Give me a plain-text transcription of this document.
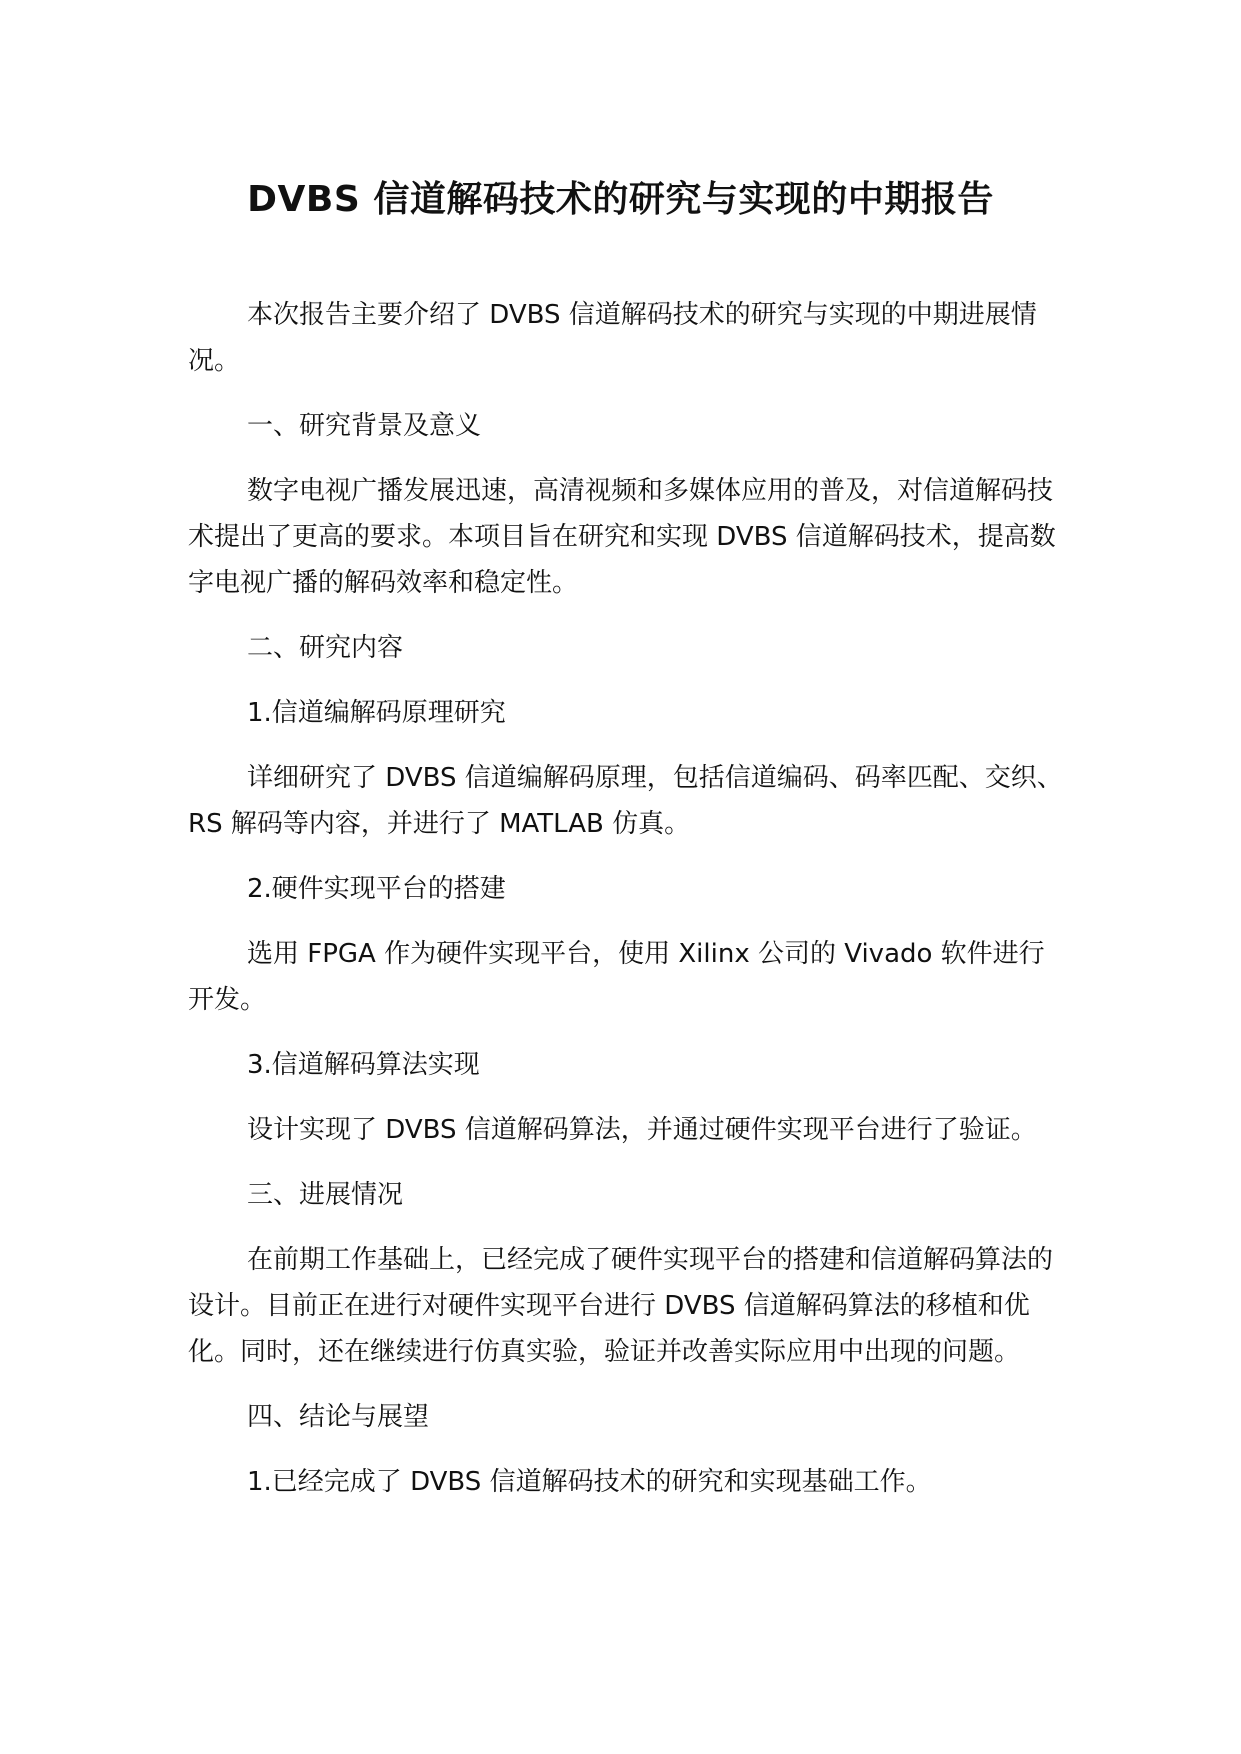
DVBS 信道解码技术的研究与实现的中期报告

本次报告主要介绍了 DVBS 信道解码技术的研究与实现的中期进展情况。

一、研究背景及意义

数字电视广播发展迅速，高清视频和多媒体应用的普及，对信道解码技术提出了更高的要求。本项目旨在研究和实现 DVBS 信道解码技术，提高数字电视广播的解码效率和稳定性。

二、研究内容

1.信道编解码原理研究

详细研究了 DVBS 信道编解码原理，包括信道编码、码率匹配、交织、RS 解码等内容，并进行了 MATLAB 仿真。

2.硬件实现平台的搭建

选用 FPGA 作为硬件实现平台，使用 Xilinx 公司的 Vivado 软件进行开发。

3.信道解码算法实现

设计实现了 DVBS 信道解码算法，并通过硬件实现平台进行了验证。

三、进展情况

在前期工作基础上，已经完成了硬件实现平台的搭建和信道解码算法的设计。目前正在进行对硬件实现平台进行 DVBS 信道解码算法的移植和优化。同时，还在继续进行仿真实验，验证并改善实际应用中出现的问题。

四、结论与展望

1.已经完成了 DVBS 信道解码技术的研究和实现基础工作。
